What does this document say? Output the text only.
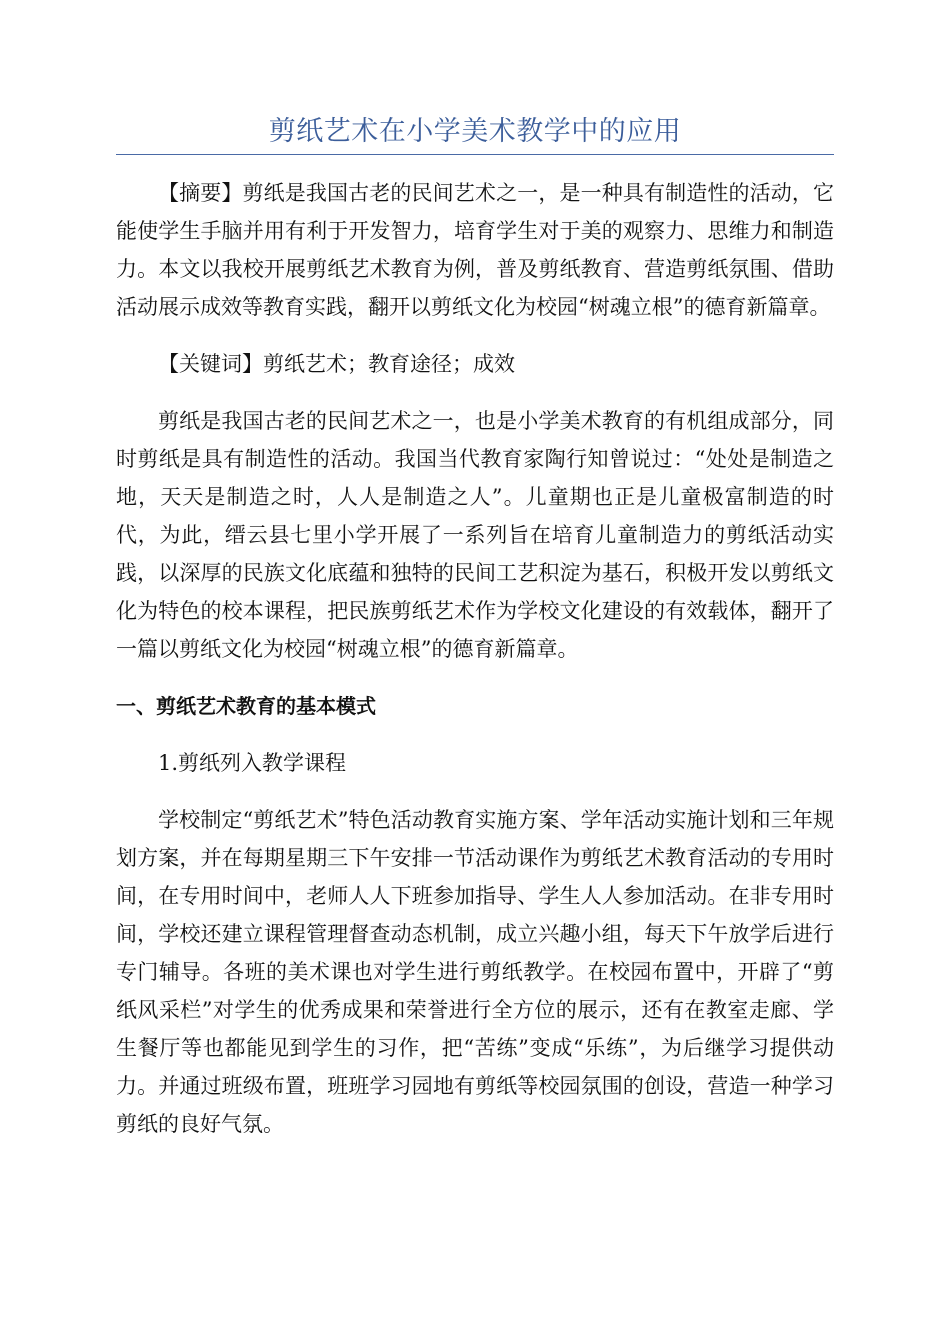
剪纸艺术在小学美术教学中的应用

【摘要】剪纸是我国古老的民间艺术之一，是一种具有制造性的活动，它能使学生手脑并用有利于开发智力，培育学生对于美的观察力、思维力和制造力。本文以我校开展剪纸艺术教育为例，普及剪纸教育、营造剪纸氛围、借助活动展示成效等教育实践，翻开以剪纸文化为校园“树魂立根”的德育新篇章。

【关键词】剪纸艺术；教育途径；成效

剪纸是我国古老的民间艺术之一，也是小学美术教育的有机组成部分，同时剪纸是具有制造性的活动。我国当代教育家陶行知曾说过：“处处是制造之地，天天是制造之时，人人是制造之人”。儿童期也正是儿童极富制造的时代，为此，缙云县七里小学开展了一系列旨在培育儿童制造力的剪纸活动实践，以深厚的民族文化底蕴和独特的民间工艺积淀为基石，积极开发以剪纸文化为特色的校本课程，把民族剪纸艺术作为学校文化建设的有效载体，翻开了一篇以剪纸文化为校园“树魂立根”的德育新篇章。

一、剪纸艺术教育的基本模式

1.剪纸列入教学课程

学校制定“剪纸艺术”特色活动教育实施方案、学年活动实施计划和三年规划方案，并在每期星期三下午安排一节活动课作为剪纸艺术教育活动的专用时间，在专用时间中，老师人人下班参加指导、学生人人参加活动。在非专用时间，学校还建立课程管理督查动态机制，成立兴趣小组，每天下午放学后进行专门辅导。各班的美术课也对学生进行剪纸教学。在校园布置中，开辟了“剪纸风采栏”对学生的优秀成果和荣誉进行全方位的展示，还有在教室走廊、学生餐厅等也都能见到学生的习作，把“苦练”变成“乐练”，为后继学习提供动力。并通过班级布置，班班学习园地有剪纸等校园氛围的创设，营造一种学习剪纸的良好气氛。
